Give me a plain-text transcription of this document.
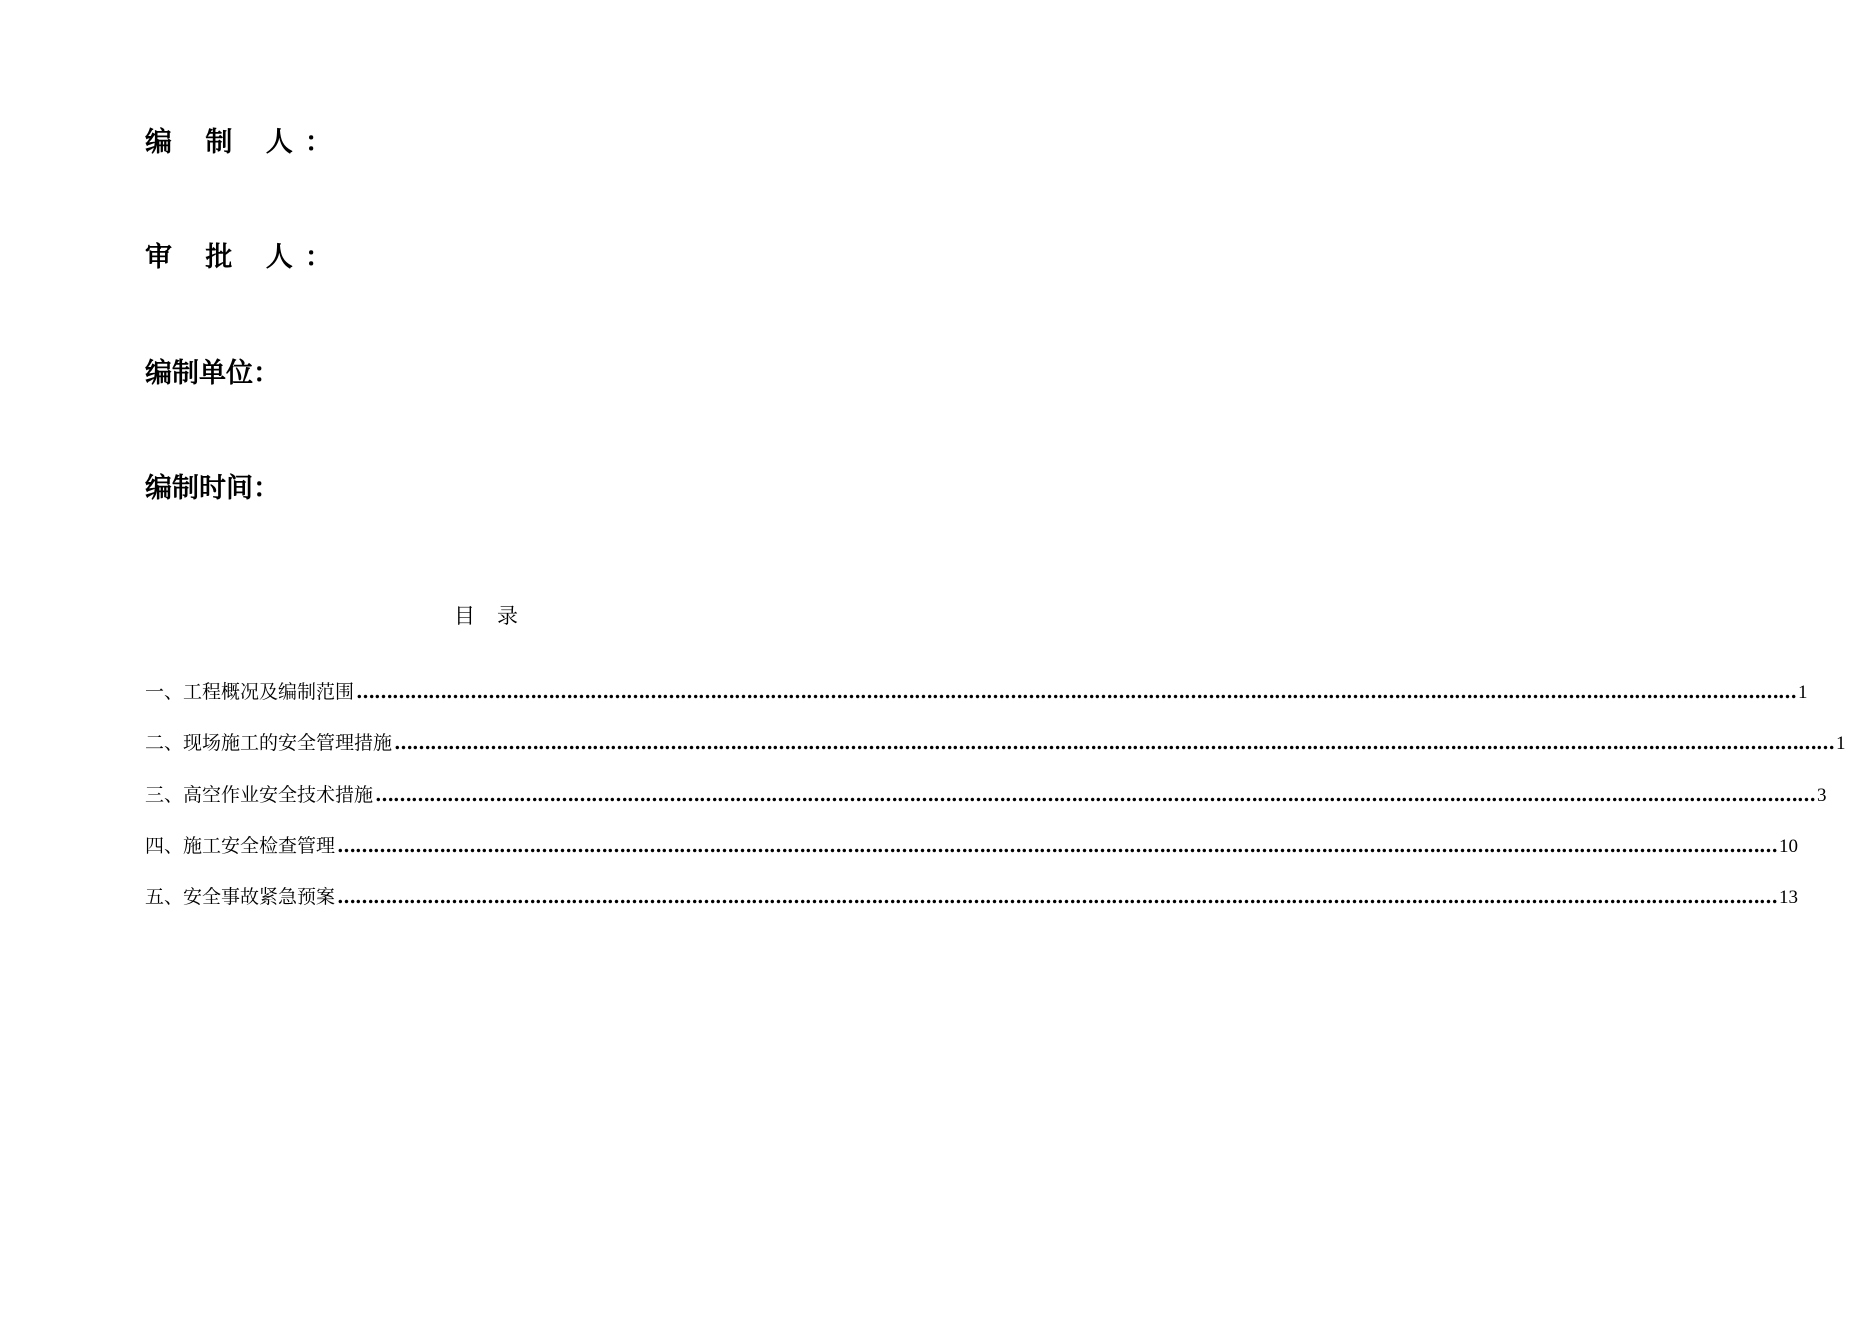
编 制 人：
审 批 人：
编制单位：
编制时间：
目录
一、工程概况及编制范围 …………………………………………………………………………………………………………………………………………………………………………………………………………………… 1
二、现场施工的安全管理措施 …………………………………………………………………………………………………………………………………………………………………………………………………………………… 1
三、高空作业安全技术措施 …………………………………………………………………………………………………………………………………………………………………………………………………………………… 3
四、施工安全检查管理 …………………………………………………………………………………………………………………………………………………………………………………………………………………… 10
五、安全事故紧急预案 …………………………………………………………………………………………………………………………………………………………………………………………………………………… 13
